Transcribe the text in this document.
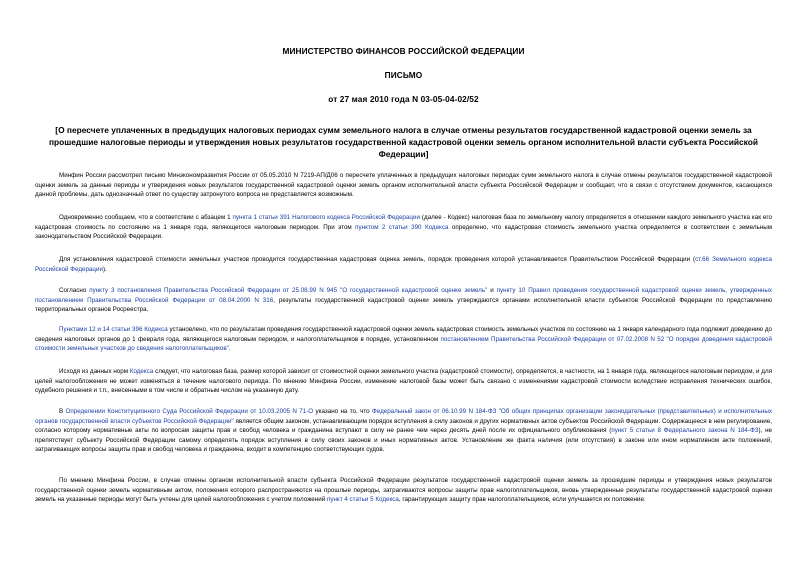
МИНИСТЕРСТВО ФИНАНСОВ РОССИЙСКОЙ ФЕДЕРАЦИИ
ПИСЬМО
от 27 мая 2010 года N 03-05-04-02/52
[О пересчете уплаченных в предыдущих налоговых периодах сумм земельного налога в случае отмены результатов государственной кадастровой оценки земель за прошедшие налоговые периоды и утверждения новых результатов государственной кадастровой оценки земель органом исполнительной власти субъекта Российской Федерации]

Минфин России рассмотрел письмо Минэкономразвития России от 05.05.2010 N 7219-АП/Д06 о пересчете уплаченных в предыдущих налоговых периодах сумм земельного налога в случае отмены результатов государственной кадастровой оценки земель за данные периоды и утверждения новых результатов государственной кадастровой оценки земель органом исполнительной власти субъекта Российской Федерации и сообщает, что в связи с отсутствием документов, касающихся данной проблемы, дать однозначный ответ по существу затронутого вопроса не представляется возможным.

Одновременно сообщаем, что в соответствии с абзацем 1 пункта 1 статьи 391 Налогового кодекса Российской Федерации (далее - Кодекс) налоговая база по земельному налогу определяется в отношении каждого земельного участка как его кадастровая стоимость по состоянию на 1 января года, являющегося налоговым периодом. При этом пунктом 2 статьи 390 Кодекса определено, что кадастровая стоимость земельного участка определяется в соответствии с земельным законодательством Российской Федерации.

Для установления кадастровой стоимости земельных участков проводится государственная кадастровая оценка земель, порядок проведения которой устанавливается Правительством Российской Федерации (ст.66 Земельного кодекса Российской Федерации).

Согласно пункту 3 постановления Правительства Российской Федерации от 25.08.99 N 945 "О государственной кадастровой оценке земель" и пункту 10 Правил проведения государственной кадастровой оценки земель, утвержденных постановлением Правительства Российской Федерации от 08.04.2000 N 316, результаты государственной кадастровой оценки земель утверждаются органами исполнительной власти субъектов Российской Федерации по представлению территориальных органов Росреестра.

Пунктами 12 и 14 статьи 396 Кодекса установлено, что по результатам проведения государственной кадастровой оценки земель кадастровая стоимость земельных участков по состоянию на 1 января календарного года подлежит доведению до сведения налоговых органов до 1 февраля года, являющегося налоговым периодом, и налогоплательщиков в порядке, установленном постановлением Правительства Российской Федерации от 07.02.2008 N 52 "О порядке доведения кадастровой стоимости земельных участков до сведения налогоплательщиков".

Исходя из данных норм Кодекса следует, что налоговая база, размер которой зависит от стоимостной оценки земельного участка (кадастровой стоимости), определяется, в частности, на 1 января года, являющегося налоговым периодом, и для целей налогообложения не может изменяться в течение налогового периода. По мнению Минфина России, изменение налоговой базы может быть связано с изменениями кадастровой стоимости вследствие исправления технических ошибок, судебного решения и т.п., внесенными в том числе и обратным числом на указанную дату.

В Определении Конституционного Суда Российской Федерации от 10.03.2005 N 71-О указано на то, что Федеральный закон от 06.10.99 N 184-ФЗ "Об общих принципах организации законодательных (представительных) и исполнительных органов государственной власти субъектов Российской Федерации" является общим законом, устанавливающим порядок вступления в силу законов и других нормативных актов субъектов Российской Федерации. Содержащееся в нем регулирование, согласно которому нормативные акты по вопросам защиты прав и свобод человека и гражданина вступают в силу не ранее чем через десять дней после их официального опубликования (пункт 5 статьи 8 Федерального закона N 184-ФЗ), не препятствует субъекту Российской Федерации самому определять порядок вступления в силу своих законов и иных нормативных актов. Установление же факта наличия (или отсутствия) в законе или ином нормативном акте положений, затрагивающих вопросы защиты прав и свобод человека и гражданина, входит в компетенцию соответствующих судов.

По мнению Минфина России, в случае отмены органом исполнительной власти субъекта Российской Федерации результатов государственной кадастровой оценки земель за прошедшие периоды и утверждения новых результатов государственной оценки земель нормативным актом, положения которого распространяются на прошлые периоды, затрагиваются вопросы защиты прав налогоплательщиков, вновь утвержденные результаты государственной кадастровой оценки земель на указанные периоды могут быть учтены для целей налогообложения с учетом положений пункт 4 статьи 5 Кодекса, гарантирующих защиту прав налогоплательщиков, если улучшается их положение.
